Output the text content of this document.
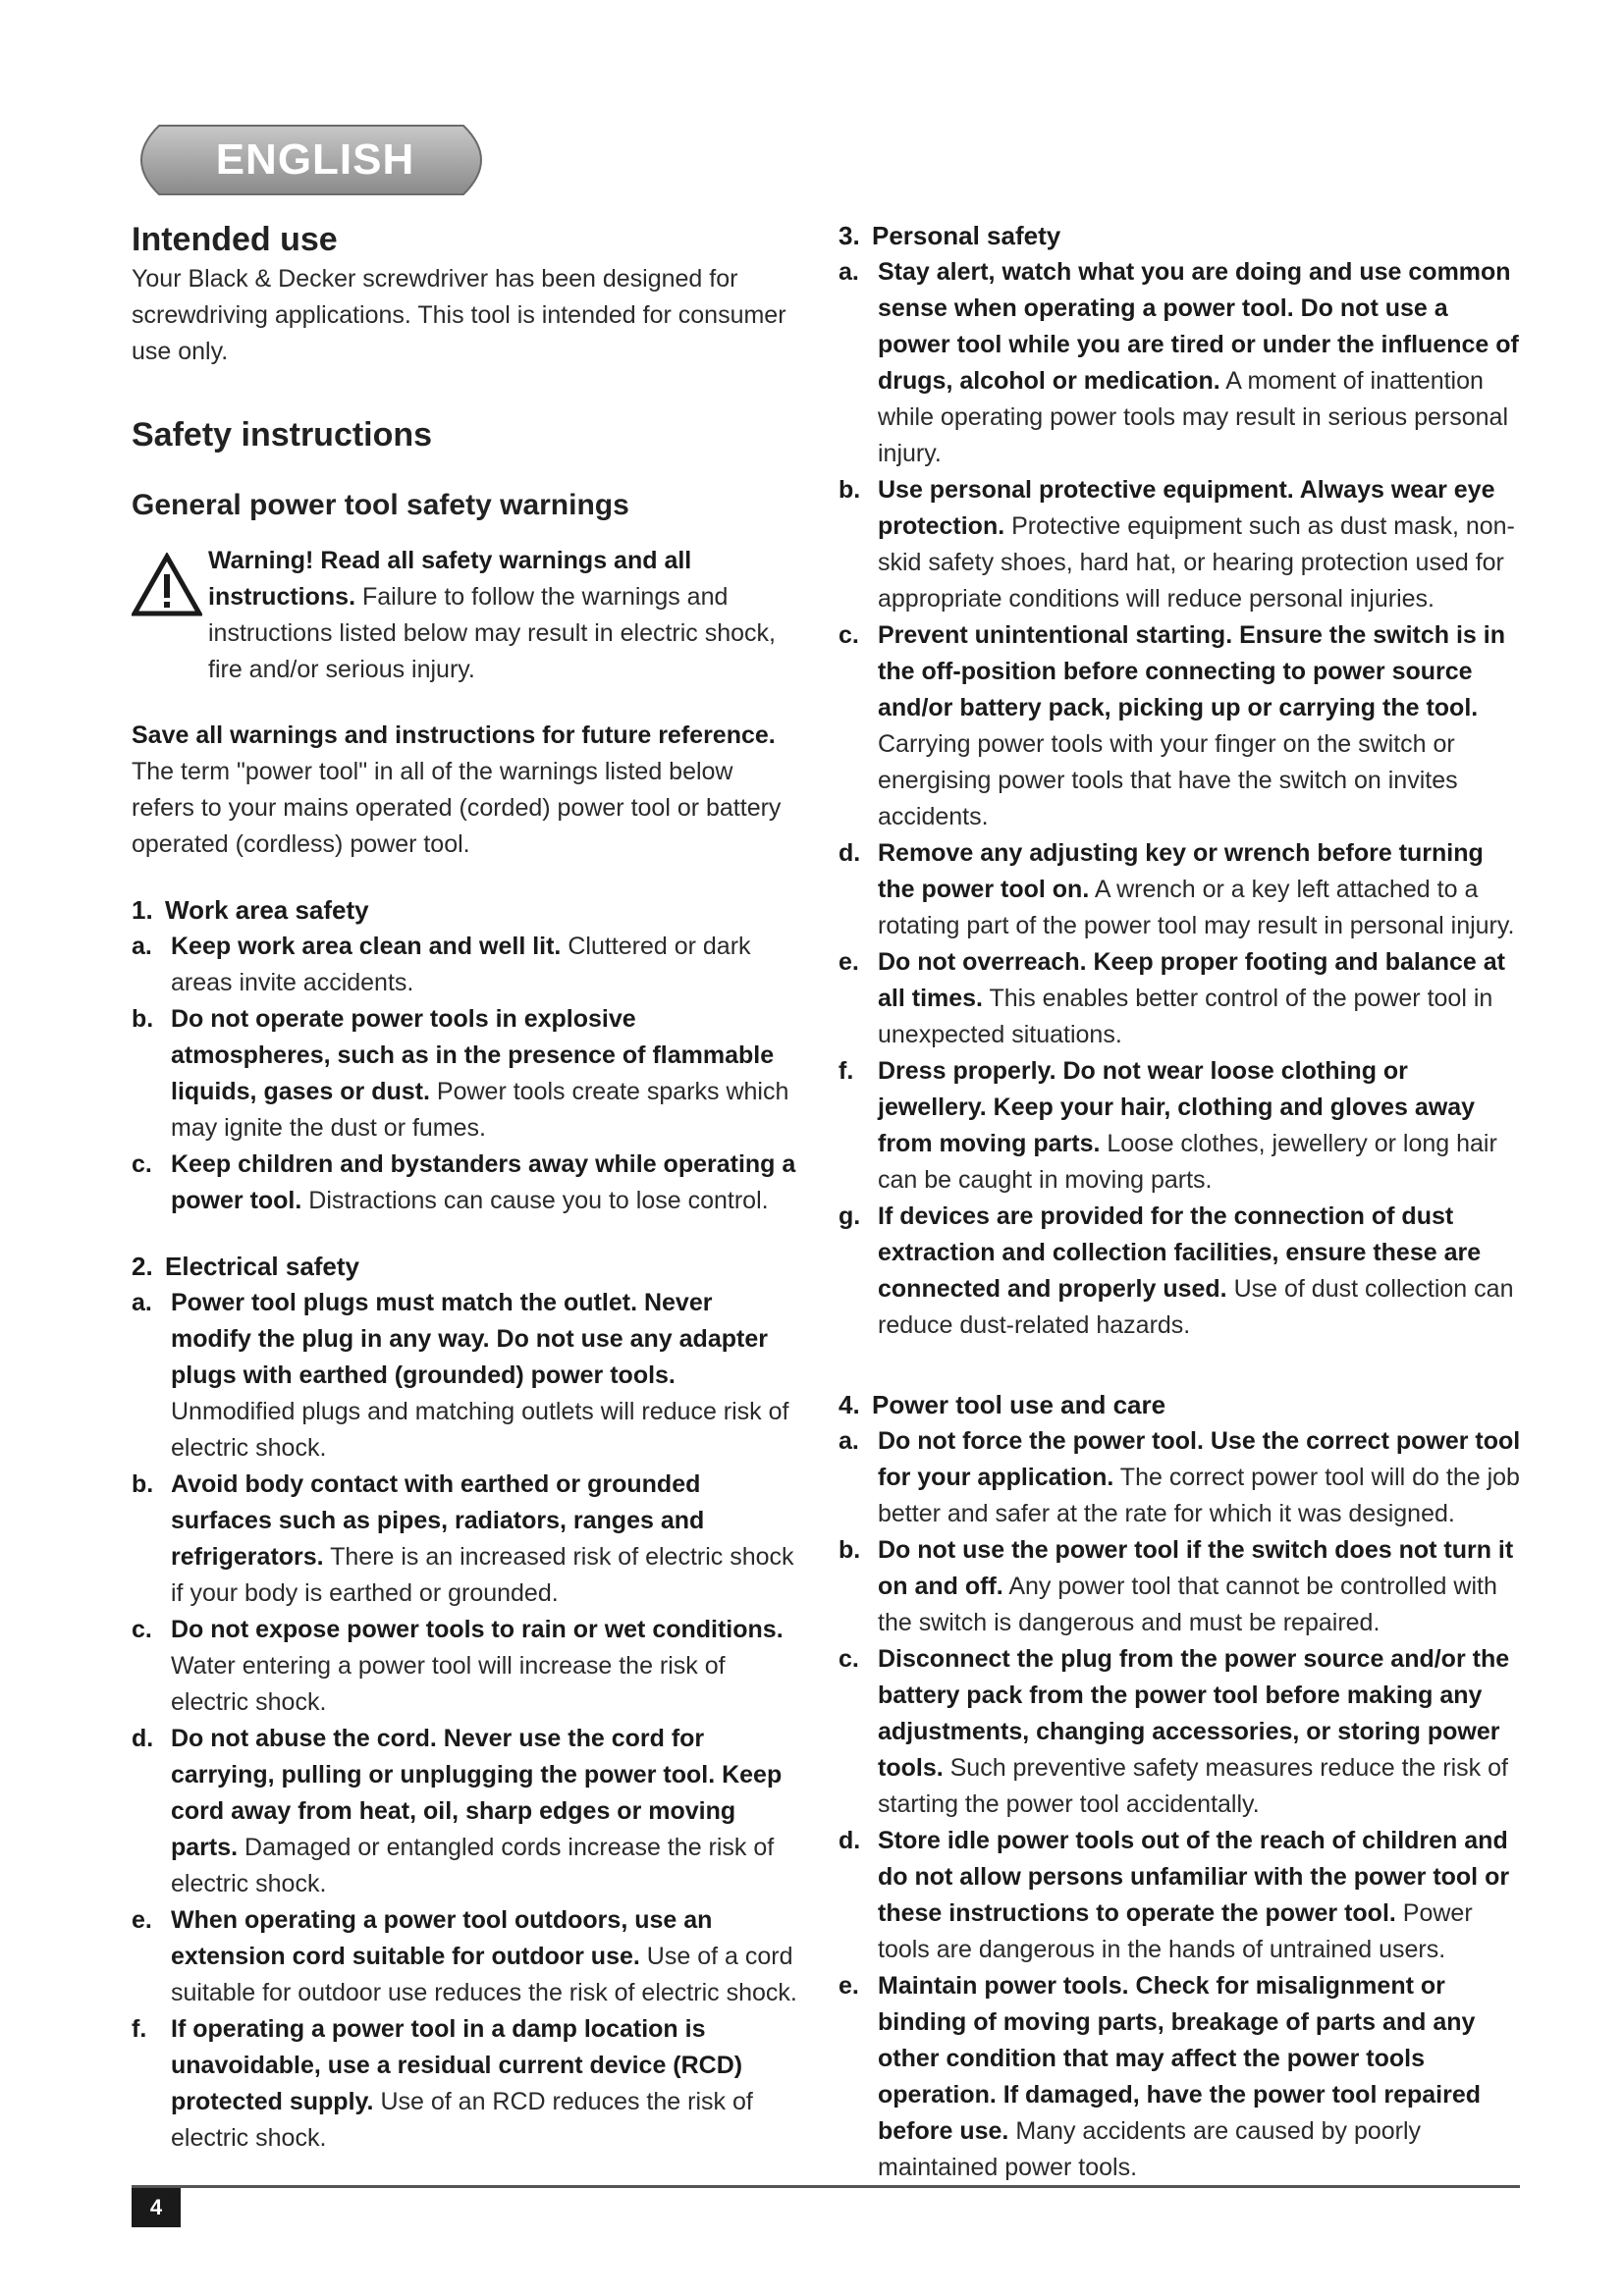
ENGLISH
Intended use

Your Black & Decker screwdriver has been designed for screwdriving applications. This tool is intended for consumer use only.

Safety instructions
General power tool safety warnings

Warning! Read all safety warnings and all instructions. Failure to follow the warnings and instructions listed below may result in electric shock, fire and/or serious injury.

Save all warnings and instructions for future reference. The term "power tool" in all of the warnings listed below refers to your mains operated (corded) power tool or battery operated (cordless) power tool.

1. Work area safety
a. Keep work area clean and well lit. Cluttered or dark areas invite accidents.

b. Do not operate power tools in explosive atmospheres, such as in the presence of flammable liquids, gases or dust. Power tools create sparks which may ignite the dust or fumes.

c. Keep children and bystanders away while operating a power tool. Distractions can cause you to lose control.

2. Electrical safety
a. Power tool plugs must match the outlet. Never modify the plug in any way. Do not use any adapter plugs with earthed (grounded) power tools. Unmodified plugs and matching outlets will reduce risk of electric shock.

b. Avoid body contact with earthed or grounded surfaces such as pipes, radiators, ranges and refrigerators. There is an increased risk of electric shock if your body is earthed or grounded.

c. Do not expose power tools to rain or wet conditions. Water entering a power tool will increase the risk of electric shock.

d. Do not abuse the cord. Never use the cord for carrying, pulling or unplugging the power tool. Keep cord away from heat, oil, sharp edges or moving parts. Damaged or entangled cords increase the risk of electric shock.

e. When operating a power tool outdoors, use an extension cord suitable for outdoor use. Use of a cord suitable for outdoor use reduces the risk of electric shock.

f. If operating a power tool in a damp location is unavoidable, use a residual current device (RCD) protected supply. Use of an RCD reduces the risk of electric shock.

3. Personal safety
a. Stay alert, watch what you are doing and use common sense when operating a power tool. Do not use a power tool while you are tired or under the influence of drugs, alcohol or medication. A moment of inattention while operating power tools may result in serious personal injury.

b. Use personal protective equipment. Always wear eye protection. Protective equipment such as dust mask, non-skid safety shoes, hard hat, or hearing protection used for appropriate conditions will reduce personal injuries.

c. Prevent unintentional starting. Ensure the switch is in the off-position before connecting to power source and/or battery pack, picking up or carrying the tool. Carrying power tools with your finger on the switch or energising power tools that have the switch on invites accidents.

d. Remove any adjusting key or wrench before turning the power tool on. A wrench or a key left attached to a rotating part of the power tool may result in personal injury.

e. Do not overreach. Keep proper footing and balance at all times. This enables better control of the power tool in unexpected situations.

f. Dress properly. Do not wear loose clothing or jewellery. Keep your hair, clothing and gloves away from moving parts. Loose clothes, jewellery or long hair can be caught in moving parts.

g. If devices are provided for the connection of dust extraction and collection facilities, ensure these are connected and properly used. Use of dust collection can reduce dust-related hazards.

4. Power tool use and care
a. Do not force the power tool. Use the correct power tool for your application. The correct power tool will do the job better and safer at the rate for which it was designed.

b. Do not use the power tool if the switch does not turn it on and off. Any power tool that cannot be controlled with the switch is dangerous and must be repaired.

c. Disconnect the plug from the power source and/or the battery pack from the power tool before making any adjustments, changing accessories, or storing power tools. Such preventive safety measures reduce the risk of starting the power tool accidentally.

d. Store idle power tools out of the reach of children and do not allow persons unfamiliar with the power tool or these instructions to operate the power tool. Power tools are dangerous in the hands of untrained users.

e. Maintain power tools. Check for misalignment or binding of moving parts, breakage of parts and any other condition that may affect the power tools operation. If damaged, have the power tool repaired before use. Many accidents are caused by poorly maintained power tools.

4
